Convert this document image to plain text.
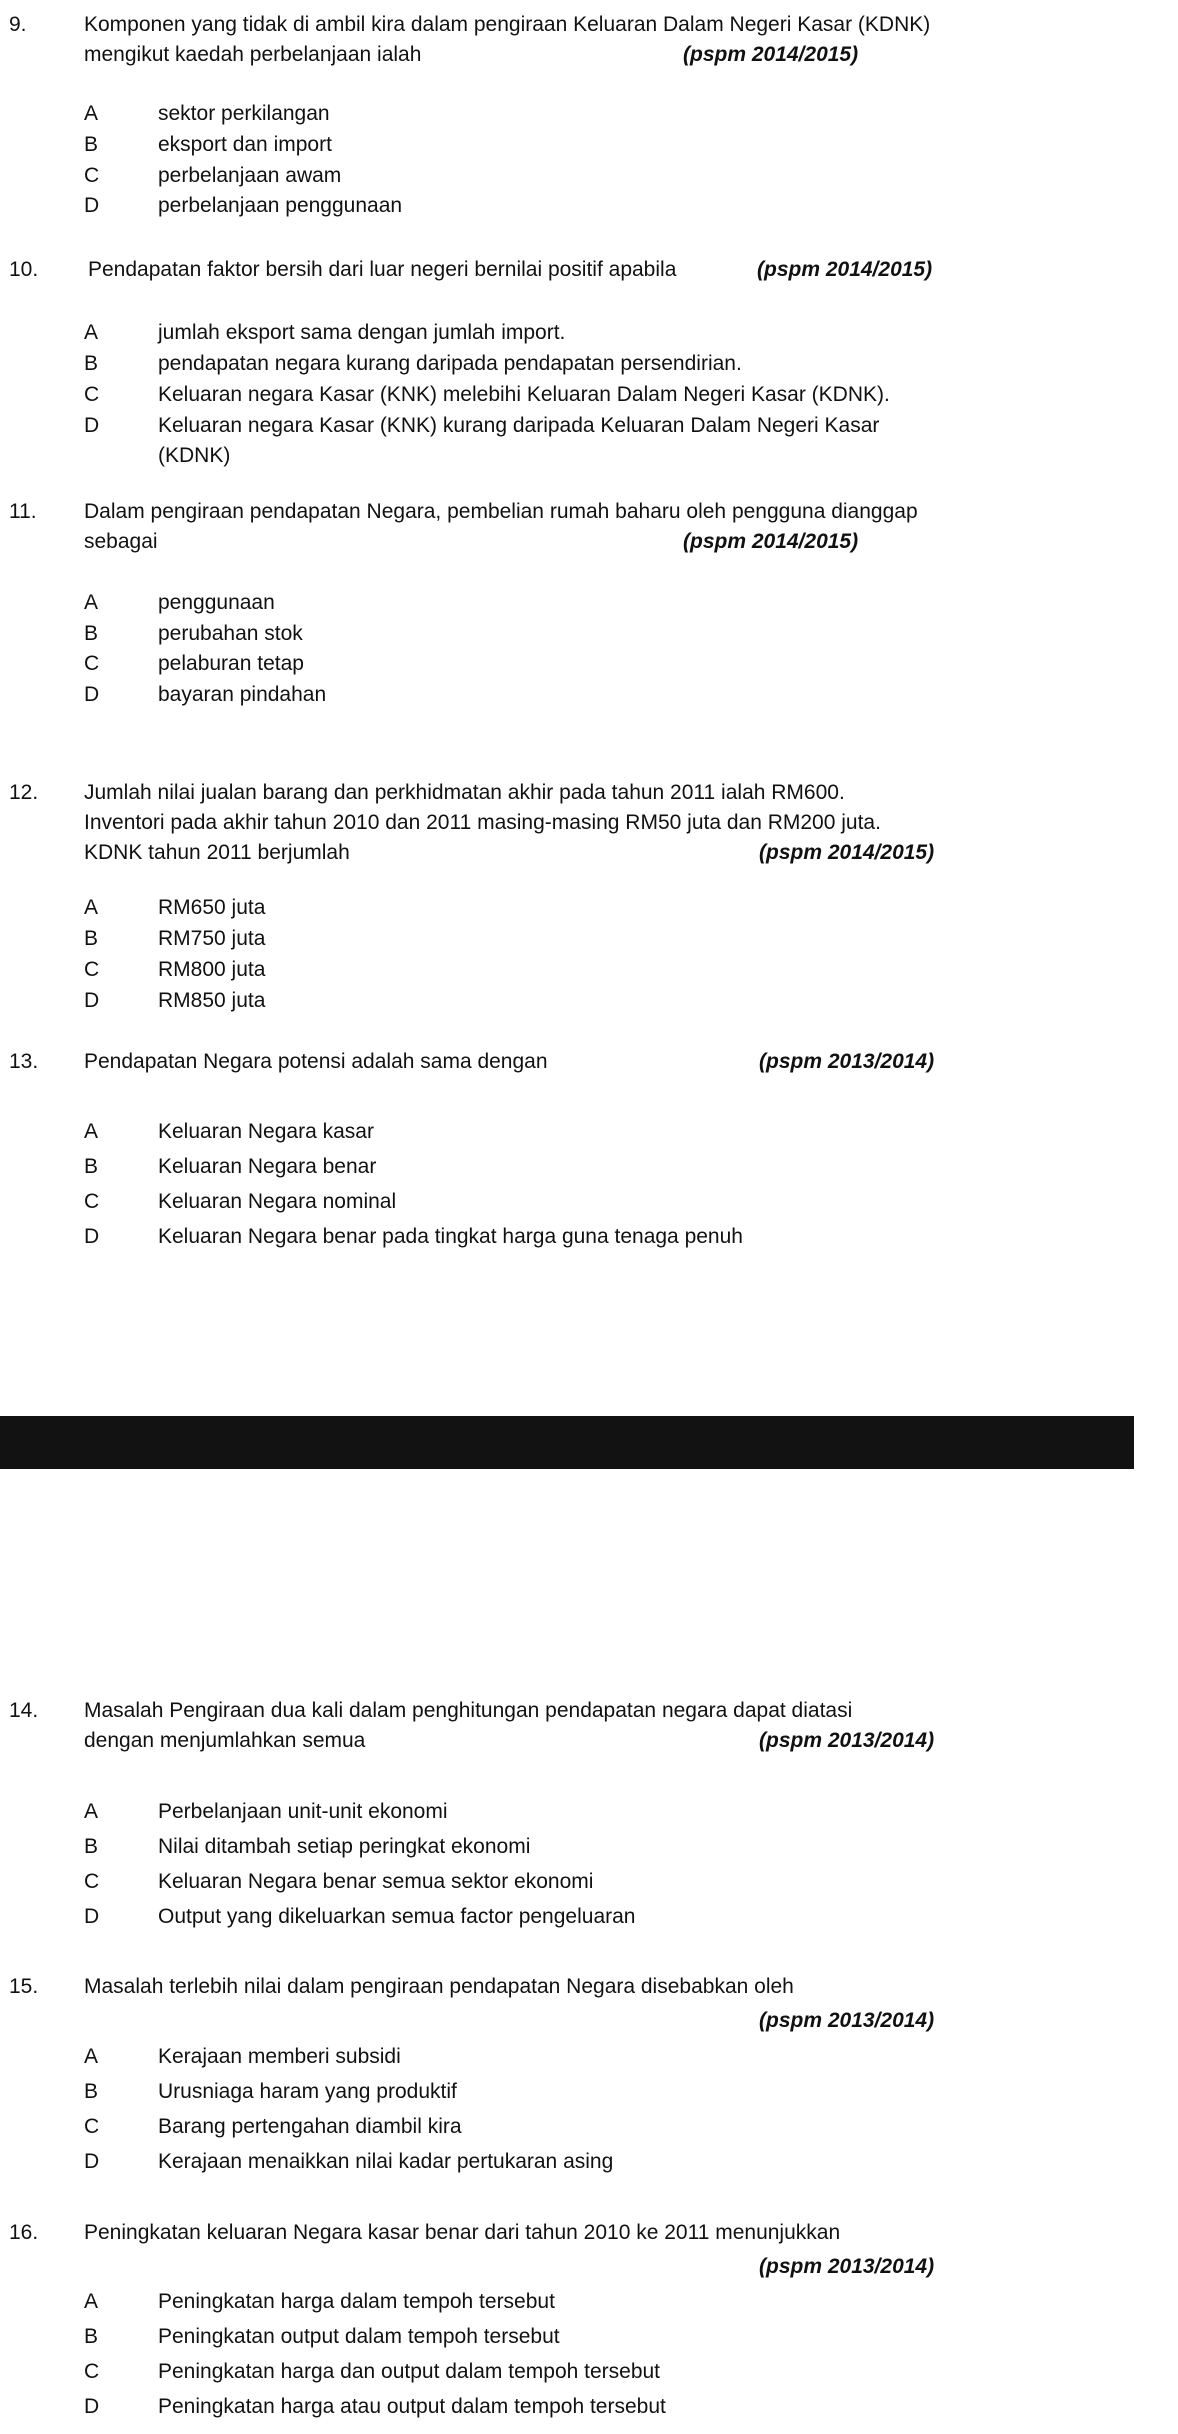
9.	Komponen yang tidak di ambil kira dalam pengiraan Keluaran Dalam Negeri Kasar (KDNK)
mengikut kaedah perbelanjaan ialah	(pspm 2014/2015)
A	sektor perkilangan
B	eksport dan import
C	perbelanjaan awam
D	perbelanjaan penggunaan
10. Pendapatan faktor bersih dari luar negeri bernilai positif apabila	(pspm 2014/2015)
A	jumlah eksport sama dengan jumlah import.
B	pendapatan negara kurang daripada pendapatan persendirian.
C	Keluaran negara Kasar (KNK) melebihi Keluaran Dalam Negeri Kasar (KDNK).
D	Keluaran negara Kasar (KNK) kurang daripada Keluaran Dalam Negeri Kasar
(KDNK)
11. Dalam pengiraan pendapatan Negara, pembelian rumah baharu oleh pengguna dianggap
sebagai	(pspm 2014/2015)
A	penggunaan
B	perubahan stok
C	pelaburan tetap
D	bayaran pindahan
12. Jumlah nilai jualan barang dan perkhidmatan akhir pada tahun 2011 ialah RM600.
Inventori pada akhir tahun 2010 dan 2011 masing-masing RM50 juta dan RM200 juta.
KDNK tahun 2011 berjumlah	(pspm 2014/2015)
A	RM650 juta
B	RM750 juta
C	RM800 juta
D	RM850 juta
13. Pendapatan Negara potensi adalah sama dengan	(pspm 2013/2014)
A	Keluaran Negara kasar
B	Keluaran Negara benar
C	Keluaran Negara nominal
D	Keluaran Negara benar pada tingkat harga guna tenaga penuh
14. Masalah Pengiraan dua kali dalam penghitungan pendapatan negara dapat diatasi
dengan menjumlahkan semua	(pspm 2013/2014)
A	Perbelanjaan unit-unit ekonomi
B	Nilai ditambah setiap peringkat ekonomi
C	Keluaran Negara benar semua sektor ekonomi
D	Output yang dikeluarkan semua factor pengeluaran
15. Masalah terlebih nilai dalam pengiraan pendapatan Negara disebabkan oleh
(pspm 2013/2014)
A	Kerajaan memberi subsidi
B	Urusniaga haram yang produktif
C	Barang pertengahan diambil kira
D	Kerajaan menaikkan nilai kadar pertukaran asing
16. Peningkatan keluaran Negara kasar benar dari tahun 2010 ke 2011 menunjukkan
(pspm 2013/2014)
A	Peningkatan harga dalam tempoh tersebut
B	Peningkatan output dalam tempoh tersebut
C	Peningkatan harga dan output dalam tempoh tersebut
D	Peningkatan harga atau output dalam tempoh tersebut
